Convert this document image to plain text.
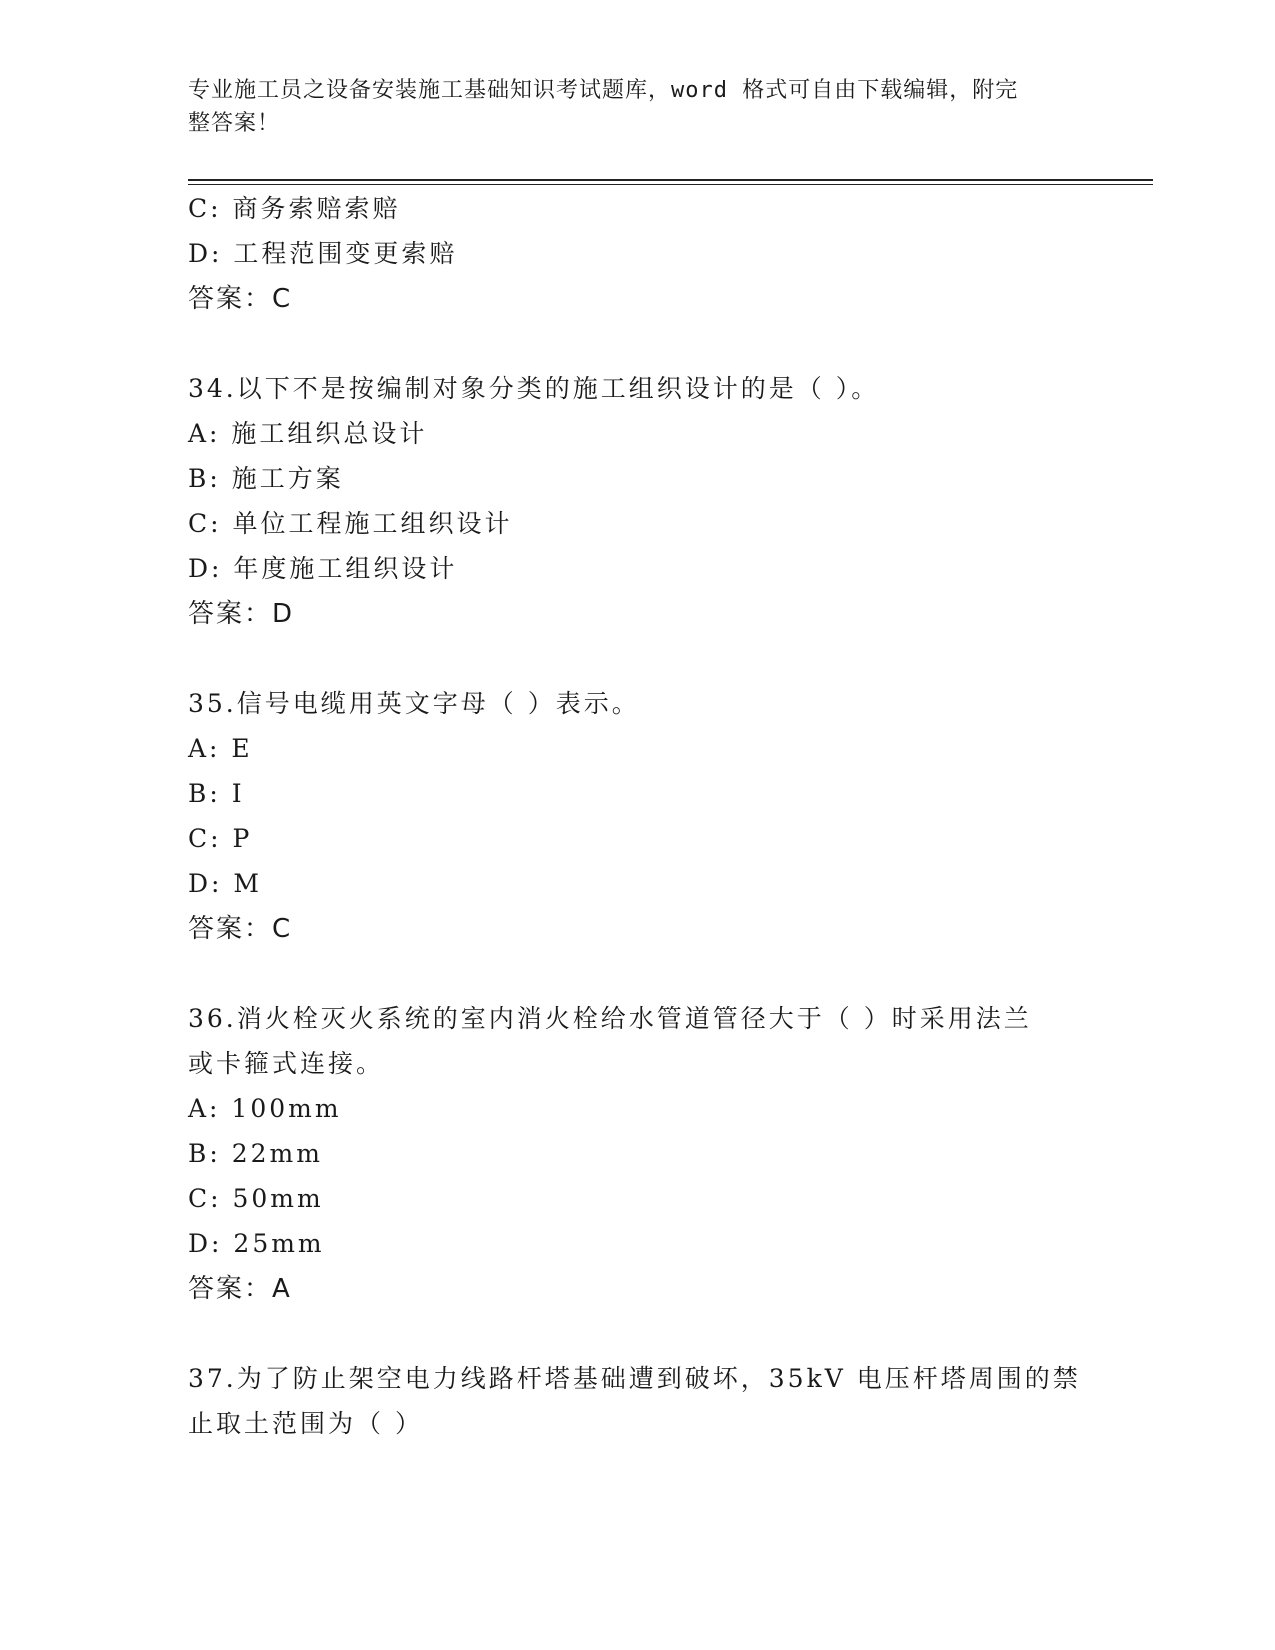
专业施工员之设备安装施工基础知识考试题库，word 格式可自由下载编辑，附完
整答案！
C: 商务索赔索赔
D: 工程范围变更索赔
答案：C
34.以下不是按编制对象分类的施工组织设计的是（ ）。
A: 施工组织总设计
B: 施工方案
C: 单位工程施工组织设计
D: 年度施工组织设计
答案：D
35.信号电缆用英文字母（ ）表示。
A: E
B: I
C: P
D: M
答案：C
36.消火栓灭火系统的室内消火栓给水管道管径大于（ ）时采用法兰
或卡箍式连接。
A: 100mm
B: 22mm
C: 50mm
D: 25mm
答案：A
37.为了防止架空电力线路杆塔基础遭到破坏，35kV 电压杆塔周围的禁
止取土范围为（ ）
